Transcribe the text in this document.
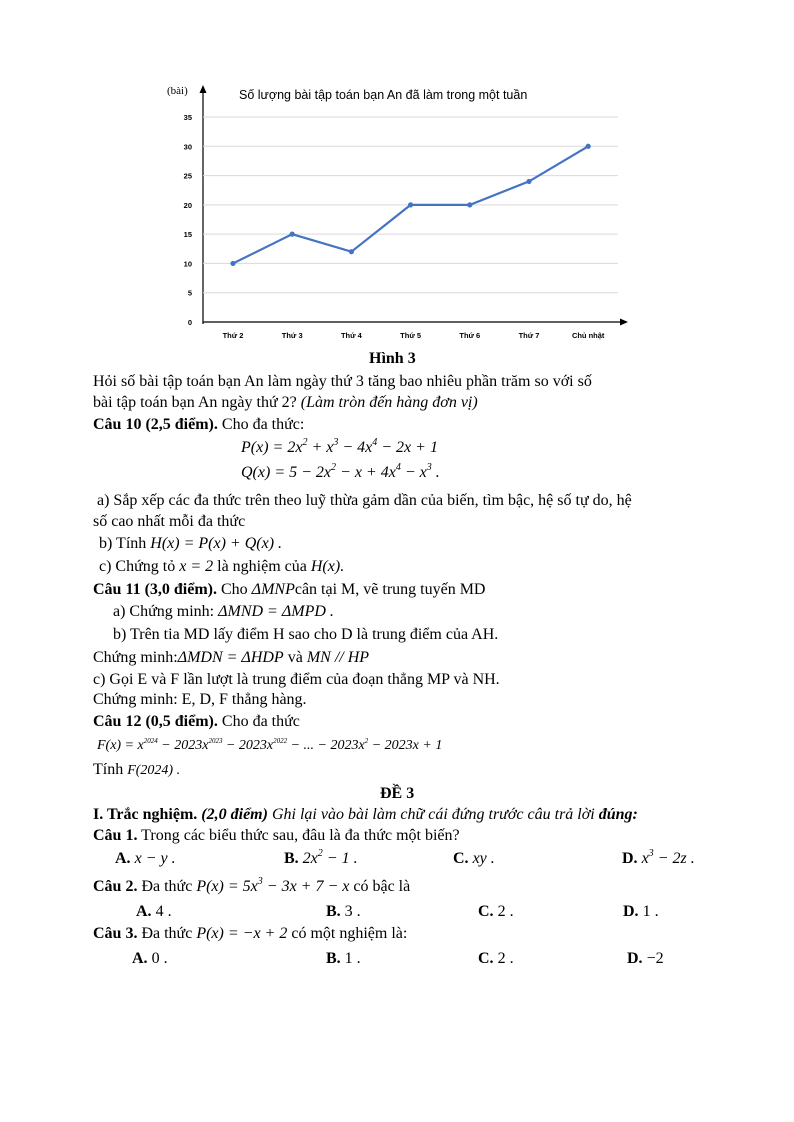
(bài)	Số lượng bài tập toán bạn An đã làm trong một tuần
0
5
10
15
20
25
30
35
Thứ 2	Thứ 3	Thứ 4	Thứ 5	Thứ 6	Thứ 7	Chủ nhật
Hình 3
Hỏi số bài tập toán bạn An làm ngày thứ 3 tăng bao nhiêu phần trăm so với số
bài tập toán bạn An ngày thứ 2? (Làm tròn đến hàng đơn vị)
Câu 10 (2,5 điểm). Cho đa thức:
$P(x) = 2x^2 + x^3 - 4x^4 - 2x + 1$
$Q(x) = 5 - 2x^2 - x + 4x^4 - x^3$ .
a) Sắp xếp các đa thức trên theo luỹ thừa gảm dần của biến, tìm bậc, hệ số tự do, hệ
số cao nhất mỗi đa thức
b) Tính H(x) = P(x) + Q(x) .
c) Chứng tỏ x = 2 là nghiệm của H(x).
Câu 11 (3,0 điểm). Cho ΔMNPcân tại M, vẽ trung tuyến MD
a) Chứng minh: ΔMND = ΔMPD .
b) Trên tia MD lấy điểm H sao cho D là trung điểm của AH.
Chứng minh:ΔMDN = ΔHDP và MN // HP
c) Gọi E và F lần lượt là trung điểm của đoạn thẳng MP và NH.
Chứng minh: E, D, F thẳng hàng.
Câu 12 (0,5 điểm). Cho đa thức
$F(x) = x^{2024} - 2023x^{2023} - 2023x^{2022}$ − ... − $2023x^2 - 2023x + 1$
Tính F(2024) .
ĐỀ 3
I. Trắc nghiệm. (2,0 điểm) Ghi lại vào bài làm chữ cái đứng trước câu trả lời đúng:
Câu 1. Trong các biểu thức sau, đâu là đa thức một biến?
A. x − y .	B. $2x^2 - 1$ .	C. xy .	D. $x^3 - 2z$ .
Câu 2. Đa thức $P(x) = 5x^3 - 3x + 7 - x$ có bậc là
A. 4 .	B. 3 .	C. 2 .	D. 1 .
Câu 3. Đa thức P(x) = −x + 2 có một nghiệm là:
A. 0 .	B. 1 .	C. 2 .	D. −2
